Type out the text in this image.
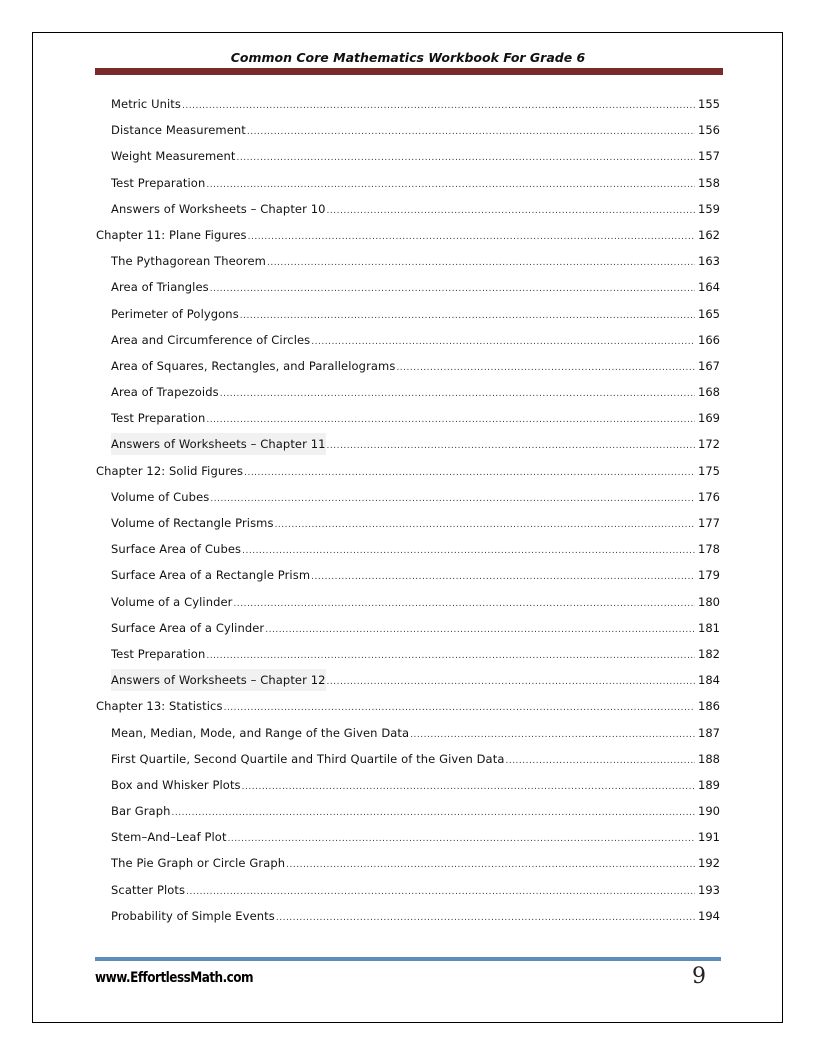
Common Core Mathematics Workbook For Grade 6
Metric Units .....	155
Distance Measurement .....	156
Weight Measurement .....	157
Test Preparation .....	158
Answers of Worksheets – Chapter 10 .....	159
Chapter 11: Plane Figures .....	162
The Pythagorean Theorem .....	163
Area of Triangles .....	164
Perimeter of Polygons .....	165
Area and Circumference of Circles .....	166
Area of Squares, Rectangles, and Parallelograms .....	167
Area of Trapezoids .....	168
Test Preparation .....	169
Answers of Worksheets – Chapter 11 .....	172
Chapter 12: Solid Figures .....	175
Volume of Cubes .....	176
Volume of Rectangle Prisms .....	177
Surface Area of Cubes .....	178
Surface Area of a Rectangle Prism .....	179
Volume of a Cylinder .....	180
Surface Area of a Cylinder .....	181
Test Preparation .....	182
Answers of Worksheets – Chapter 12 .....	184
Chapter 13: Statistics .....	186
Mean, Median, Mode, and Range of the Given Data .....	187
First Quartile, Second Quartile and Third Quartile of the Given Data .....	188
Box and Whisker Plots .....	189
Bar Graph .....	190
Stem–And–Leaf Plot .....	191
The Pie Graph or Circle Graph .....	192
Scatter Plots .....	193
Probability of Simple Events .....	194
www.EffortlessMath.com	9
